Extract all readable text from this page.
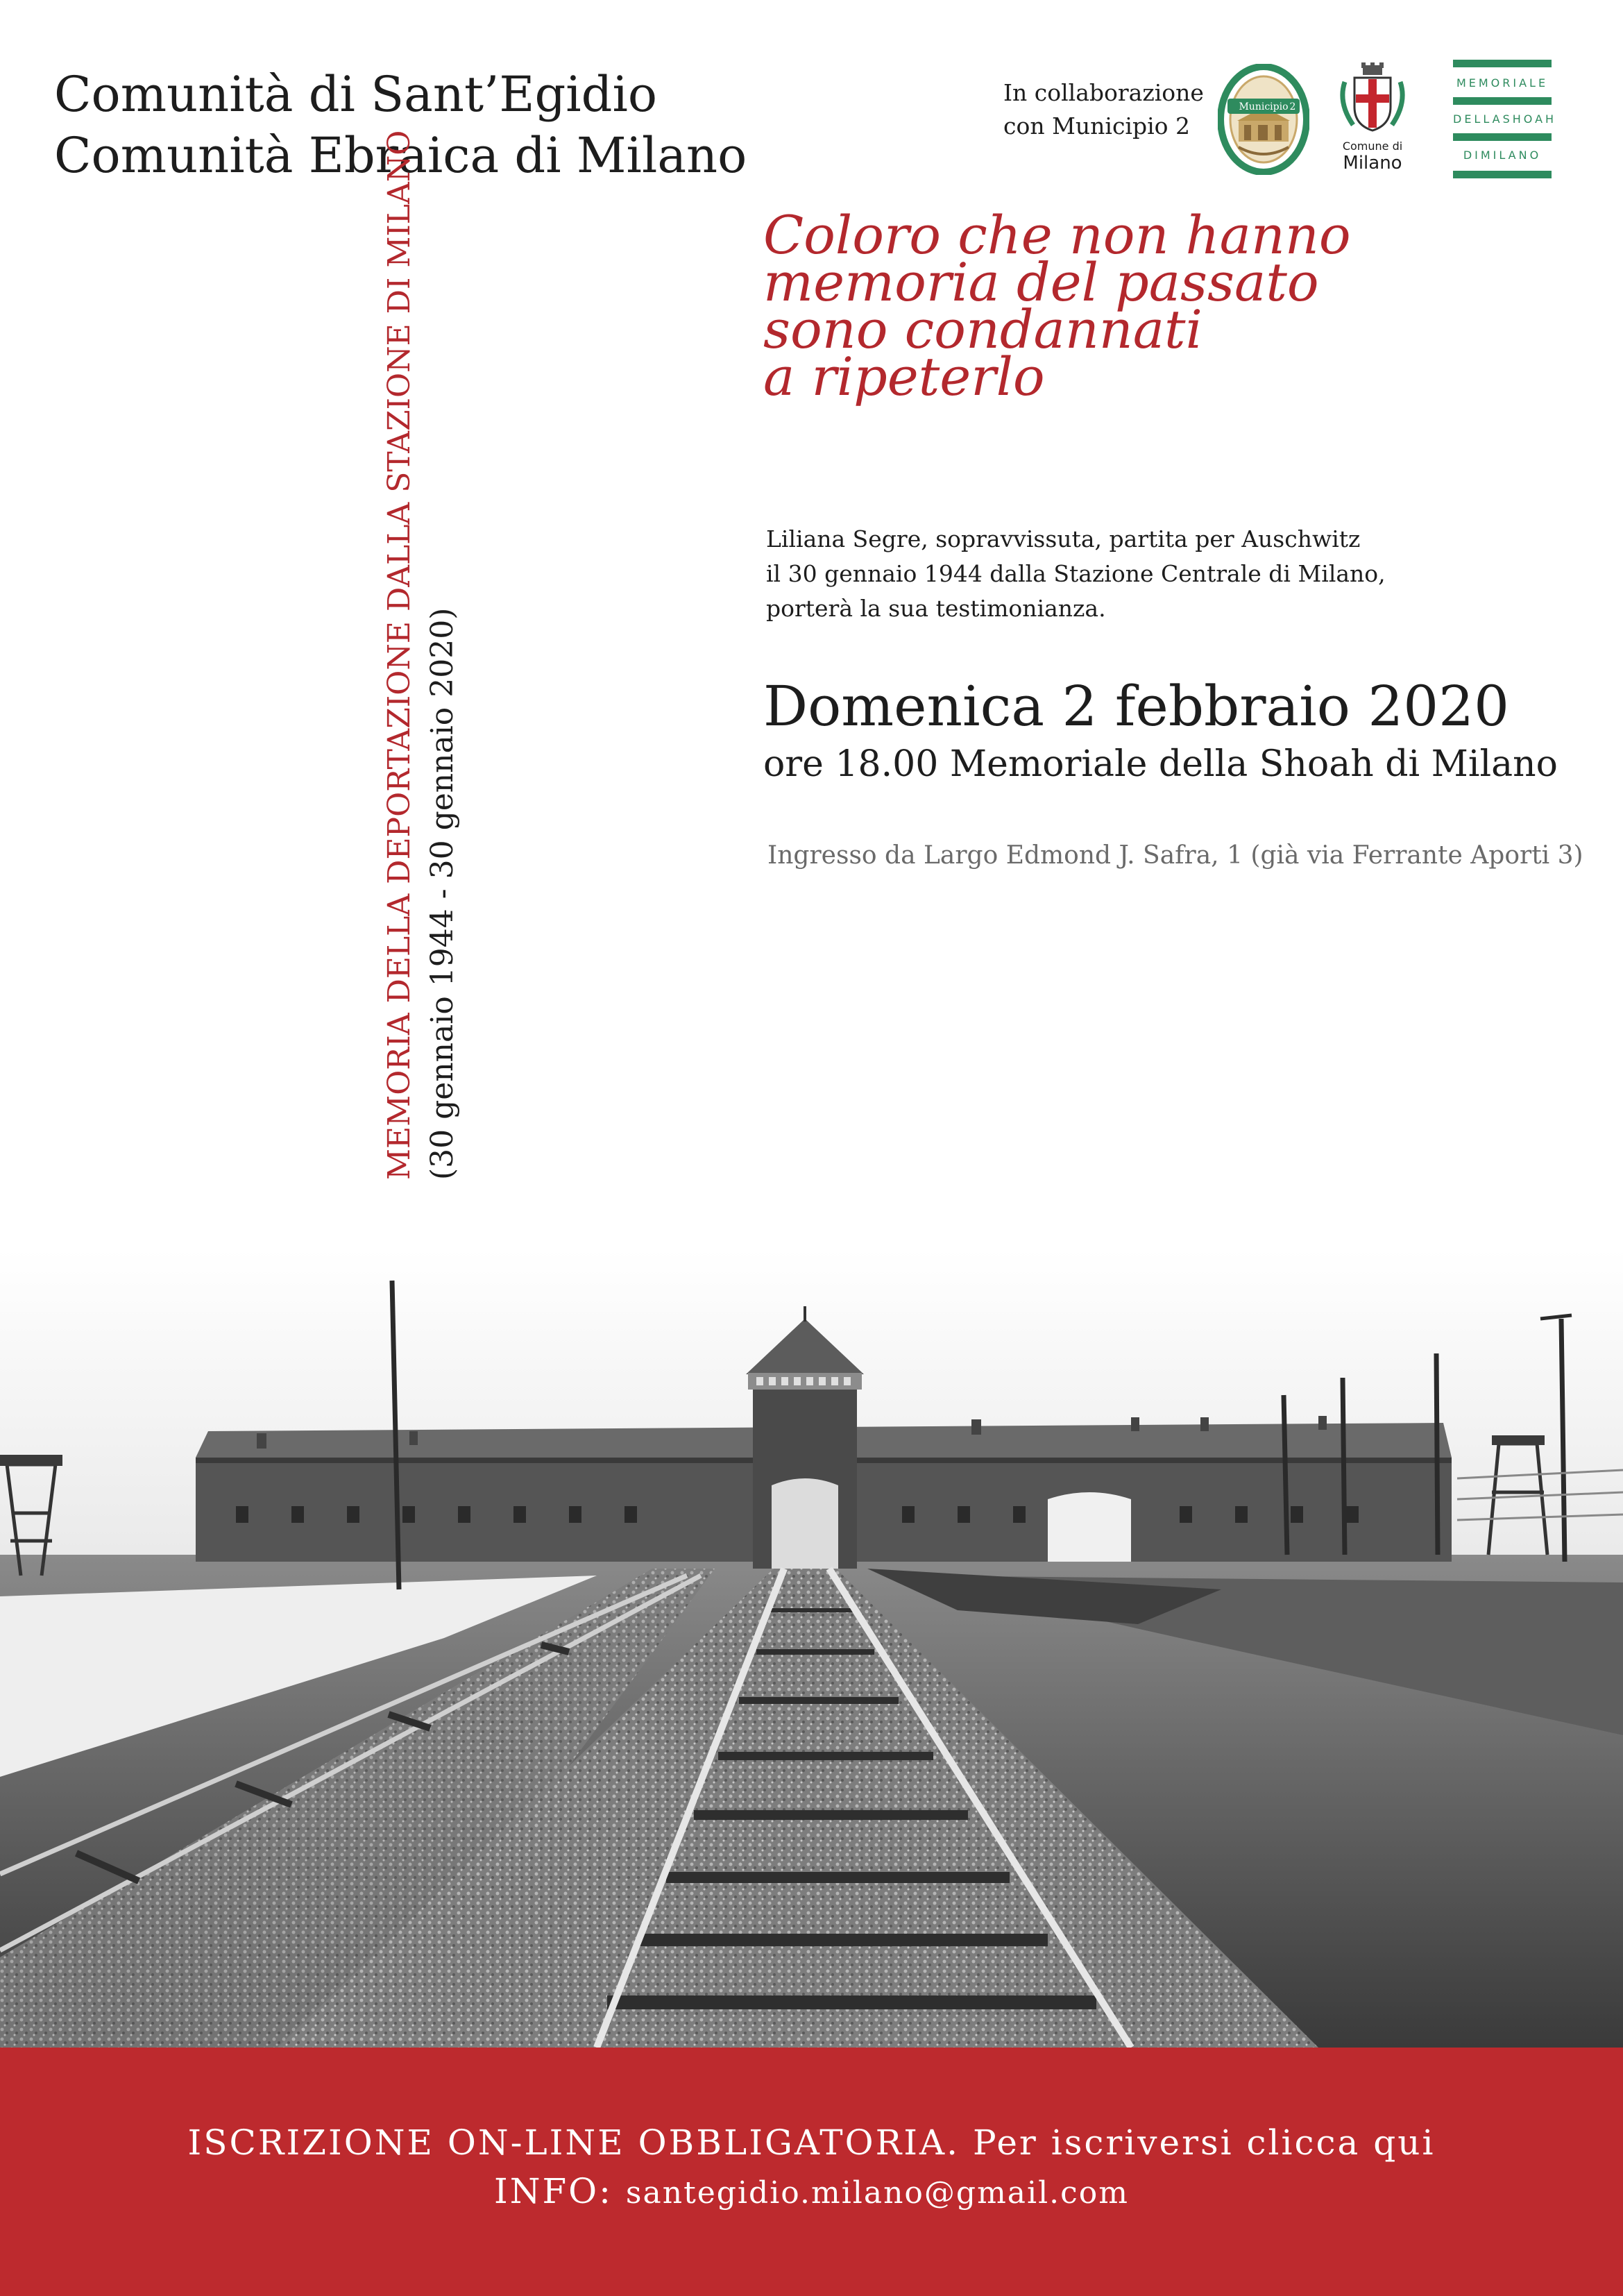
Comunità di Sant’Egidio
Comunità Ebraica di Milano
In collaborazione
con Municipio 2
Municipio 2
Comune di
Milano
MEMORIALE
DELLASHOAH
DIMILANO
MEMORIA DELLA DEPORTAZIONE DALLA STAZIONE DI MILANO (30 gennaio 1944 - 30 gennaio 2020)
Coloro che non hanno
memoria del passato
sono condannati
a ripeterlo
Liliana Segre, sopravvissuta, partita per Auschwitz
il 30 gennaio 1944 dalla Stazione Centrale di Milano,
porterà la sua testimonianza.
Domenica 2 febbraio 2020
ore 18.00 Memoriale della Shoah di Milano
Ingresso da Largo Edmond J. Safra, 1 (già via Ferrante Aporti 3)
ISCRIZIONE ON-LINE OBBLIGATORIA. Per iscriversi clicca qui
INFO: santegidio.milano@gmail.com
